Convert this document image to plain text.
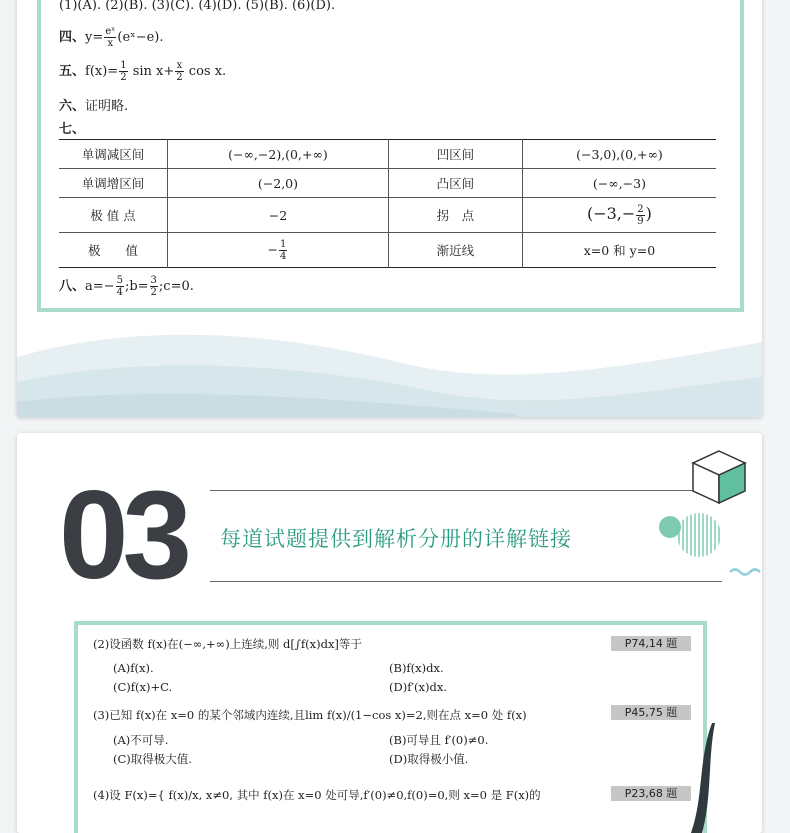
(1)(A). (2)(B). (3)(C). (4)(D). (5)(B). (6)(D).
四、$y= \frac{\text{eˣ}}{x}$ (eˣ−e).
五、$f(x)= \frac{1}{2}$ $\sin x+ \frac{x}{2}$ cos x.
六、证明略.
七、
单调减区间	(−∞,−2),(0,+∞)	凹区间	(−3,0),(0,+∞)
单调增区间	(−2,0)	凸区间	(−∞,−3)
极 值 点	−2	拐　点	($-3,- \frac{2}{9}$ )
极　　值	− $\frac{1}{4}$	渐近线	x=0 和 y=0
八、$a=- \frac{5}{4}$ ;b= $\frac{3}{2}$ ;c=0.
03 每道试题提供到解析分册的详解链接
(2)设函数 f(x)在(−∞,+∞)上连续,则 d[∫f(x)dx]等于	P74,14 题
(A)f(x).	(B)f(x)dx.
(C)f(x)+C.	(D)f′(x)dx.
(3)已知 f(x)在 x=0 的某个邻域内连续,且lim f(x)/(1−cos x)=2,则在点 x=0 处 f(x)	P45,75 题
(A)不可导.	(B)可导且 f′(0)≠0.
(C)取得极大值.	(D)取得极小值.
(4)设 F(x)={ f(x)/x, x≠0, 其中 f(x)在 x=0 处可导,f′(0)≠0,f(0)=0,则 x=0 是 F(x)的	P23,68 题
